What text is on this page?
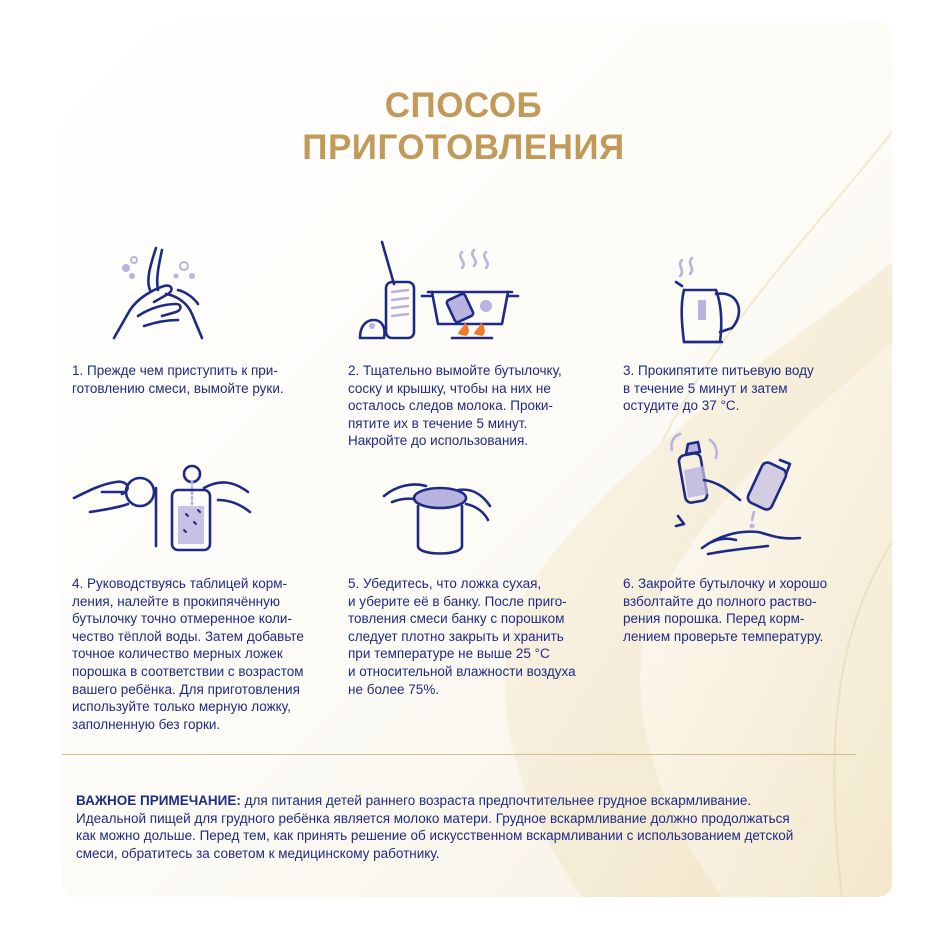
СПОСОБ
ПРИГОТОВЛЕНИЯ

1. Прежде чем приступить к при-
готовлению смеси, вымойте руки.

2. Тщательно вымойте бутылочку,
соску и крышку, чтобы на них не
осталось следов молока. Прoки-
пятите их в течение 5 минут.
Накройте до использования.

3. Прокипятите питьевую воду
в течение 5 минут и затем
остудите до 37 °С.

4. Руководствуясь таблицей корм-
ления, налейте в прокипячённую
бутылочку точно отмеренное коли-
чество тёплой воды. Затем добавьте
точное количество мерных ложек
порошка в соответствии с возрастом
вашего ребёнка. Для приготовления
используйте только мерную ложку,
заполненную без горки.

5. Убедитесь, что ложка сухая,
и уберите её в банку. После приго-
товления смеси банку с порошком
следует плотно закрыть и хранить
при температуре не выше 25 °С
и относительной влажности воздуха
не более 75%.

6. Закройте бутылочку и хорошо
взболтайте до полного раство-
рения порошка. Перед корм-
лением проверьте температуру.

ВАЖНОЕ ПРИМЕЧАНИЕ: для питания детей раннего возраста предпочтительнее грудное вскармливание.
Идеальной пищей для грудного ребёнка является молоко матери. Грудное вскармливание должно продолжаться
как можно дольше. Перед тем, как принять решение об искусственном вскармливании с использованием детской
смеси, обратитесь за советом к медицинскому работнику.
